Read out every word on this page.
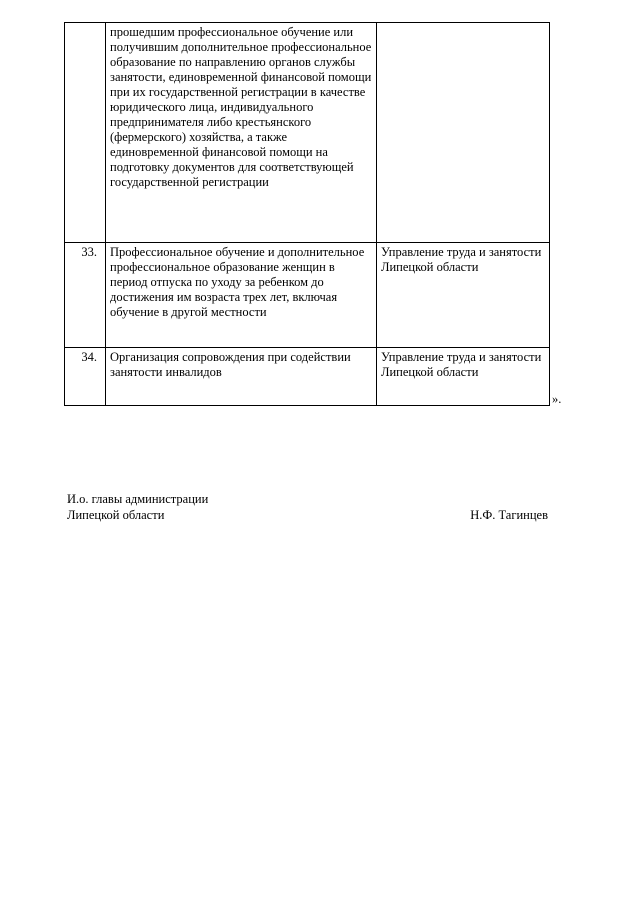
	прошедшим профессиональное обучение или получившим дополнительное профессиональное образование по направлению органов службы занятости, единовременной финансовой помощи при их государственной регистрации в качестве юридического лица, индивидуального предпринимателя либо крестьянского (фермерского) хозяйства, а также единовременной финансовой помощи на подготовку документов для соответствующей государственной регистрации	
33.	Профессиональное обучение и дополнительное профессиональное образование женщин в период отпуска по уходу за ребенком до достижения им возраста трех лет, включая обучение в другой местности	Управление труда и занятости Липецкой области
34.	Организация сопровождения при содействии занятости инвалидов	Управление труда и занятости Липецкой области
».
И.о. главы администрации
Липецкой области	Н.Ф. Тагинцев
